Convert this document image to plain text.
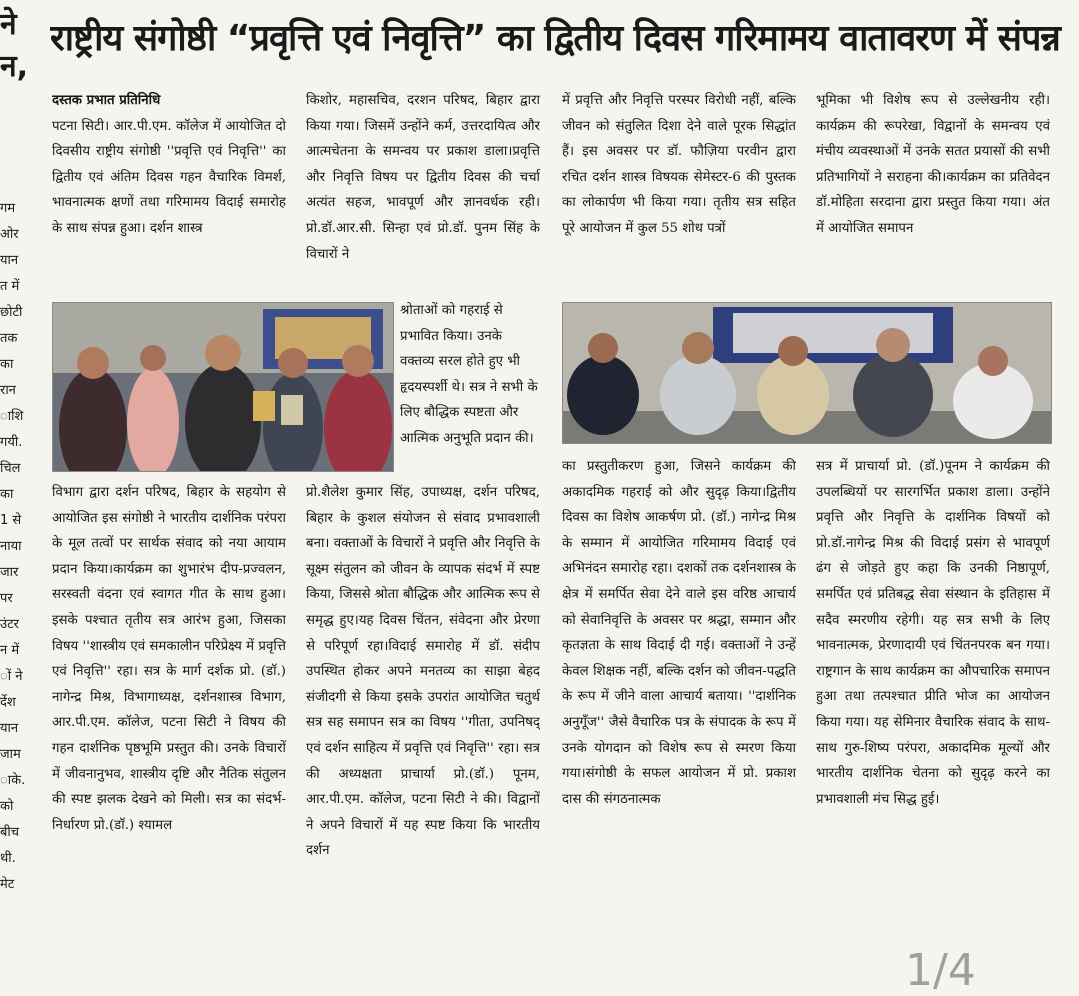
ने
न,
गम
ओर
यान
त में
छोटी
तक
का
रान
ाशि
गयी.
चिल
का
1 से
नाया
जार
पर
उंटर
न में
ों ने
र्देश
यान
जाम
ाके.
को
बीच
थी.
मेट
राष्ट्रीय संगोष्ठी “प्रवृत्ति एवं निवृत्ति” का द्वितीय दिवस गरिमामय वातावरण में संपन्न

दस्तक प्रभात प्रतिनिधि

पटना सिटी। आर.पी.एम. कॉलेज में आयोजित दो दिवसीय राष्ट्रीय संगोष्ठी ''प्रवृत्ति एवं निवृत्ति'' का द्वितीय एवं अंतिम दिवस गहन वैचारिक विमर्श, भावनात्मक क्षणों तथा गरिमामय विदाई समारोह के साथ संपन्न हुआ। दर्शन शास्त्र

किशोर, महासचिव, दरशन परिषद, बिहार द्वारा किया गया। जिसमें उन्होंने कर्म, उत्तरदायित्व और आत्मचेतना के समन्वय पर प्रकाश डाला।प्रवृत्ति और निवृत्ति विषय पर द्वितीय दिवस की चर्चा अत्यंत सहज, भावपूर्ण और ज्ञानवर्धक रही। प्रो.डॉ.आर.सी. सिन्हा एवं प्रो.डॉ. पुनम सिंह के विचारों ने

श्रोताओं को गहराई से प्रभावित किया। उनके वक्तव्य सरल होते हुए भी हृदयस्पर्शी थे। सत्र ने सभी के लिए बौद्धिक स्पष्टता और आत्मिक अनुभूति प्रदान की।

विभाग द्वारा दर्शन परिषद, बिहार के सहयोग से आयोजित इस संगोष्ठी ने भारतीय दार्शनिक परंपरा के मूल तत्वों पर सार्थक संवाद को नया आयाम प्रदान किया।कार्यक्रम का शुभारंभ दीप-प्रज्वलन, सरस्वती वंदना एवं स्वागत गीत के साथ हुआ। इसके पश्चात तृतीय सत्र आरंभ हुआ, जिसका विषय ''शास्त्रीय एवं समकालीन परिप्रेक्ष्य में प्रवृत्ति एवं निवृत्ति'' रहा। सत्र के मार्ग दर्शक प्रो. (डॉ.) नागेन्द्र मिश्र, विभागाध्यक्ष, दर्शनशास्त्र विभाग, आर.पी.एम. कॉलेज, पटना सिटी ने विषय की गहन दार्शनिक पृष्ठभूमि प्रस्तुत की। उनके विचारों में जीवनानुभव, शास्त्रीय दृष्टि और नैतिक संतुलन की स्पष्ट झलक देखने को मिली। सत्र का संदर्भ-निर्धारण प्रो.(डॉ.) श्यामल

प्रो.शैलेश कुमार सिंह, उपाध्यक्ष, दर्शन परिषद, बिहार के कुशल संयोजन से संवाद प्रभावशाली बना। वक्ताओं के विचारों ने प्रवृत्ति और निवृत्ति के सूक्ष्म संतुलन को जीवन के व्यापक संदर्भ में स्पष्ट किया, जिससे श्रोता बौद्धिक और आत्मिक रूप से समृद्ध हुए।यह दिवस चिंतन, संवेदना और प्रेरणा से परिपूर्ण रहा।विदाई समारोह में डॉ. संदीप उपस्थित होकर अपने मनतव्य का साझा बेहद संजीदगी से किया इसके उपरांत आयोजित चतुर्थ सत्र सह समापन सत्र का विषय ''गीता, उपनिषद् एवं दर्शन साहित्य में प्रवृत्ति एवं निवृत्ति'' रहा। सत्र की अध्यक्षता प्राचार्या प्रो.(डॉ.) पूनम, आर.पी.एम. कॉलेज, पटना सिटी ने की। विद्वानों ने अपने विचारों में यह स्पष्ट किया कि भारतीय दर्शन

में प्रवृत्ति और निवृत्ति परस्पर विरोधी नहीं, बल्कि जीवन को संतुलित दिशा देने वाले पूरक सिद्धांत हैं। इस अवसर पर डॉ. फौज़िया परवीन द्वारा रचित दर्शन शास्त्र विषयक सेमेस्टर-6 की पुस्तक का लोकार्पण भी किया गया। तृतीय सत्र सहित पूरे आयोजन में कुल 55 शोध पत्रों

भूमिका भी विशेष रूप से उल्लेखनीय रही। कार्यक्रम की रूपरेखा, विद्वानों के समन्वय एवं मंचीय व्यवस्थाओं में उनके सतत प्रयासों की सभी प्रतिभागियों ने सराहना की।कार्यक्रम का प्रतिवेदन डॉ.मोहिता सरदाना द्वारा प्रस्तुत किया गया। अंत में आयोजित समापन

का प्रस्तुतीकरण हुआ, जिसने कार्यक्रम की अकादमिक गहराई को और सुदृढ़ किया।द्वितीय दिवस का विशेष आकर्षण प्रो. (डॉ.) नागेन्द्र मिश्र के सम्मान में आयोजित गरिमामय विदाई एवं अभिनंदन समारोह रहा। दशकों तक दर्शनशास्त्र के क्षेत्र में समर्पित सेवा देने वाले इस वरिष्ठ आचार्य को सेवानिवृत्ति के अवसर पर श्रद्धा, सम्मान और कृतज्ञता के साथ विदाई दी गई। वक्ताओं ने उन्हें केवल शिक्षक नहीं, बल्कि दर्शन को जीवन-पद्धति के रूप में जीने वाला आचार्य बताया। ''दार्शनिक अनुगूँज'' जैसे वैचारिक पत्र के संपादक के रूप में उनके योगदान को विशेष रूप से स्मरण किया गया।संगोष्ठी के सफल आयोजन में प्रो. प्रकाश दास की संगठनात्मक

सत्र में प्राचार्या प्रो. (डॉ.)पूनम ने कार्यक्रम की उपलब्धियों पर सारगर्भित प्रकाश डाला। उन्होंने प्रवृत्ति और निवृत्ति के दार्शनिक विषयों को प्रो.डॉ.नागेन्द्र मिश्र की विदाई प्रसंग से भावपूर्ण ढंग से जोड़ते हुए कहा कि उनकी निष्ठापूर्ण, समर्पित एवं प्रतिबद्ध सेवा संस्थान के इतिहास में सदैव स्मरणीय रहेगी। यह सत्र सभी के लिए भावनात्मक, प्रेरणादायी एवं चिंतनपरक बन गया।राष्ट्रगान के साथ कार्यक्रम का औपचारिक समापन हुआ तथा तत्पश्चात प्रीति भोज का आयोजन किया गया। यह सेमिनार वैचारिक संवाद के साथ-साथ गुरु-शिष्य परंपरा, अकादमिक मूल्यों और भारतीय दार्शनिक चेतना को सुदृढ़ करने का प्रभावशाली मंच सिद्ध हुई।

1/4
